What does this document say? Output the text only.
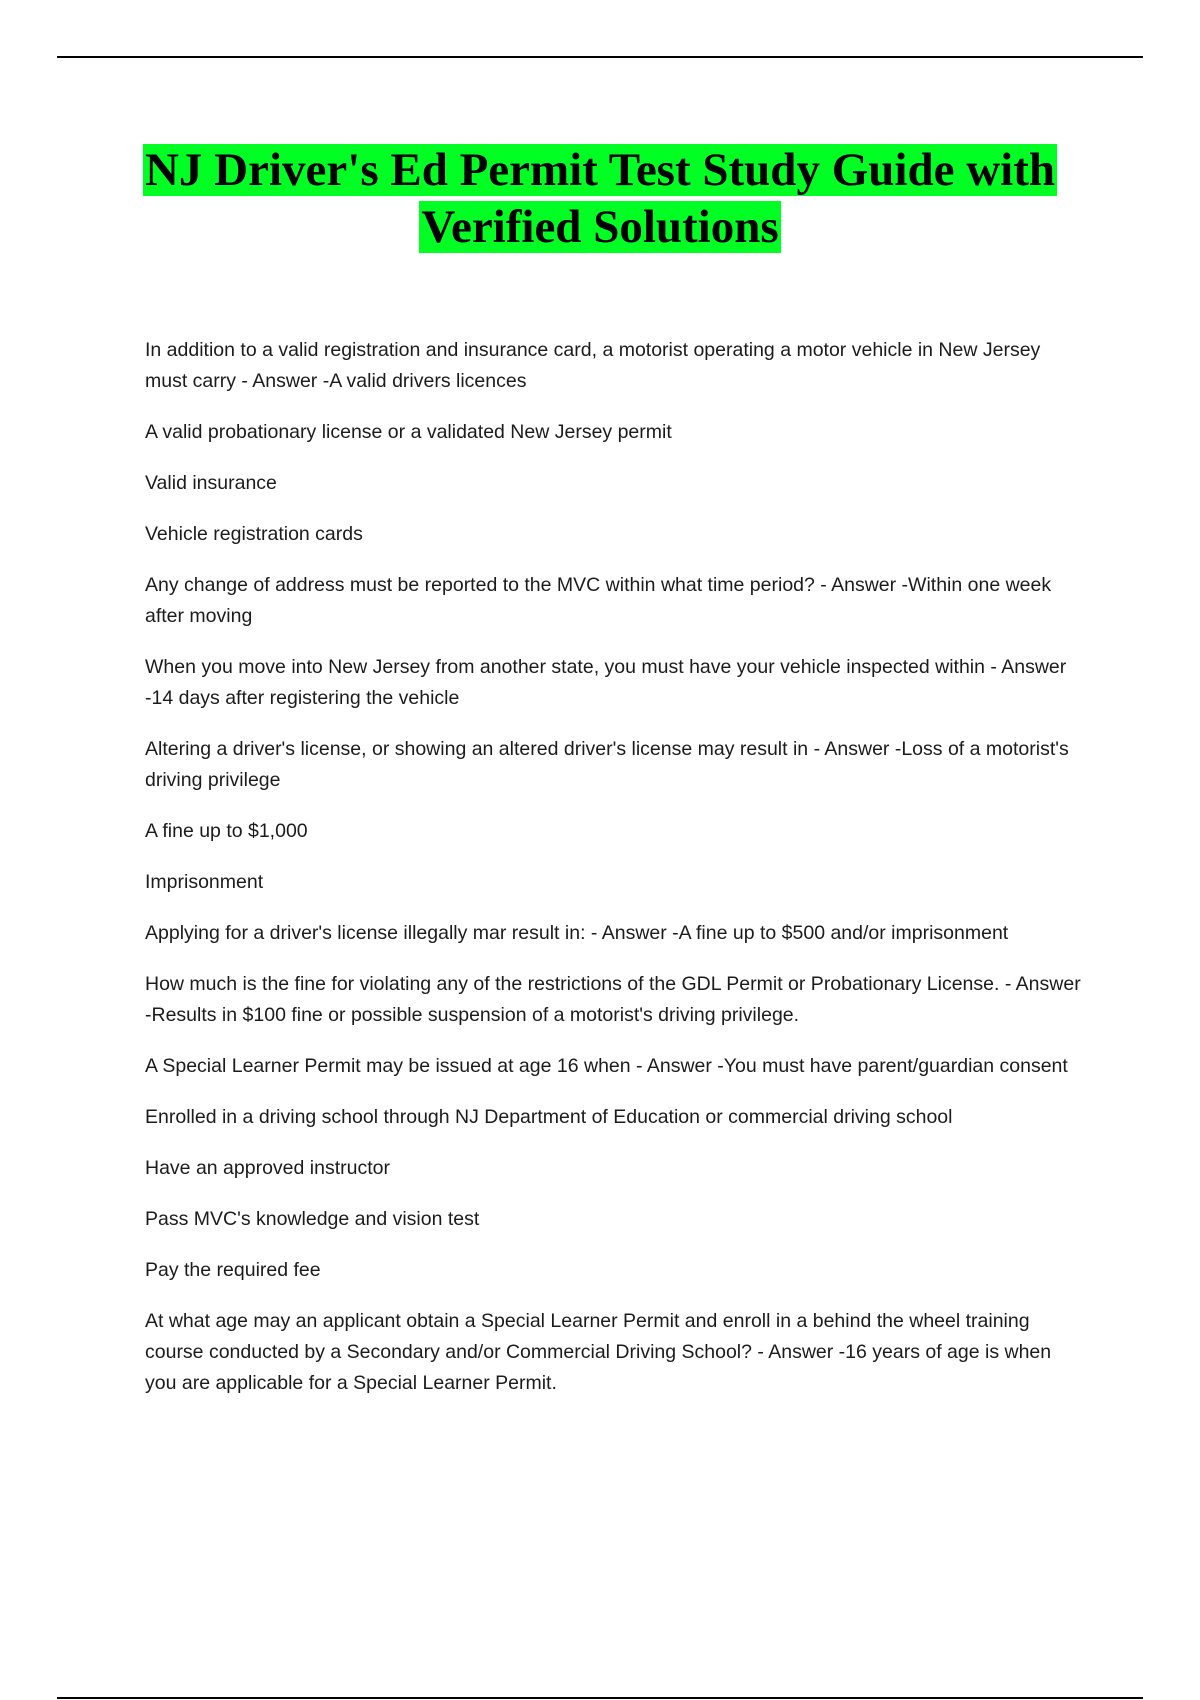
NJ Driver's Ed Permit Test Study Guide with Verified Solutions

In addition to a valid registration and insurance card, a motorist operating a motor vehicle in New Jersey must carry - Answer -A valid drivers licences

A valid probationary license or a validated New Jersey permit

Valid insurance

Vehicle registration cards

Any change of address must be reported to the MVC within what time period? - Answer -Within one week after moving

When you move into New Jersey from another state, you must have your vehicle inspected within - Answer -14 days after registering the vehicle

Altering a driver's license, or showing an altered driver's license may result in - Answer -Loss of a motorist's driving privilege

A fine up to $1,000

Imprisonment

Applying for a driver's license illegally mar result in: - Answer -A fine up to $500 and/or imprisonment

How much is the fine for violating any of the restrictions of the GDL Permit or Probationary License. - Answer -Results in $100 fine or possible suspension of a motorist's driving privilege.

A Special Learner Permit may be issued at age 16 when - Answer -You must have parent/guardian consent

Enrolled in a driving school through NJ Department of Education or commercial driving school

Have an approved instructor

Pass MVC's knowledge and vision test

Pay the required fee

At what age may an applicant obtain a Special Learner Permit and enroll in a behind the wheel training course conducted by a Secondary and/or Commercial Driving School? - Answer -16 years of age is when you are applicable for a Special Learner Permit.
